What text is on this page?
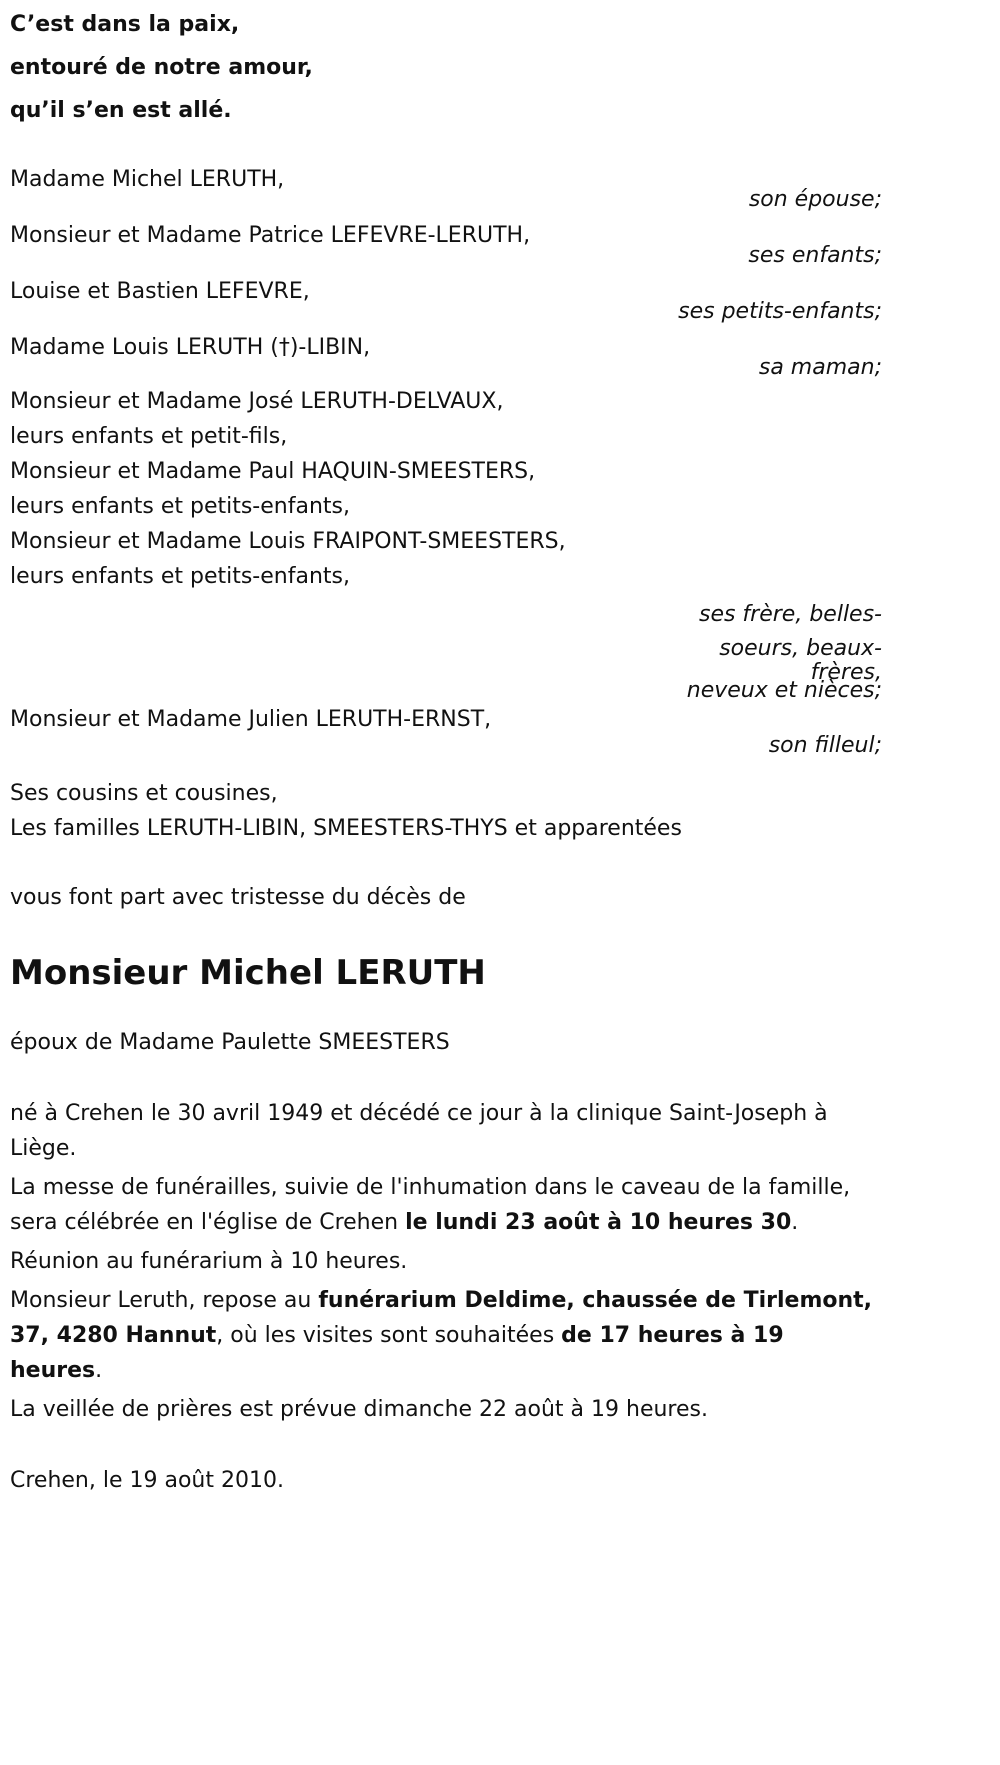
C’est dans la paix,
entouré de notre amour,
qu’il s’en est allé.
Madame Michel LERUTH,
son épouse;
Monsieur et Madame Patrice LEFEVRE-LERUTH,
ses enfants;
Louise et Bastien LEFEVRE,
ses petits-enfants;
Madame Louis LERUTH (†)-LIBIN,
sa maman;
Monsieur et Madame José LERUTH-DELVAUX,
leurs enfants et petit-fils,
Monsieur et Madame Paul HAQUIN-SMEESTERS,
leurs enfants et petits-enfants,
Monsieur et Madame Louis FRAIPONT-SMEESTERS,
leurs enfants et petits-enfants,
ses frère, belles-
soeurs, beaux-
frères,
neveux et nièces;
Monsieur et Madame Julien LERUTH-ERNST,
son filleul;
Ses cousins et cousines,
Les familles LERUTH-LIBIN, SMEESTERS-THYS et apparentées
vous font part avec tristesse du décès de
Monsieur Michel LERUTH
époux de Madame Paulette SMEESTERS
né à Crehen le 30 avril 1949 et décédé ce jour à la clinique Saint-Joseph à Liège.
La messe de funérailles, suivie de l'inhumation dans le caveau de la famille, sera célébrée en l'église de Crehen le lundi 23 août à 10 heures 30.
Réunion au funérarium à 10 heures.
Monsieur Leruth, repose au funérarium Deldime, chaussée de Tirlemont, 37, 4280 Hannut, où les visites sont souhaitées de 17 heures à 19 heures.
La veillée de prières est prévue dimanche 22 août à 19 heures.
Crehen, le 19 août 2010.
